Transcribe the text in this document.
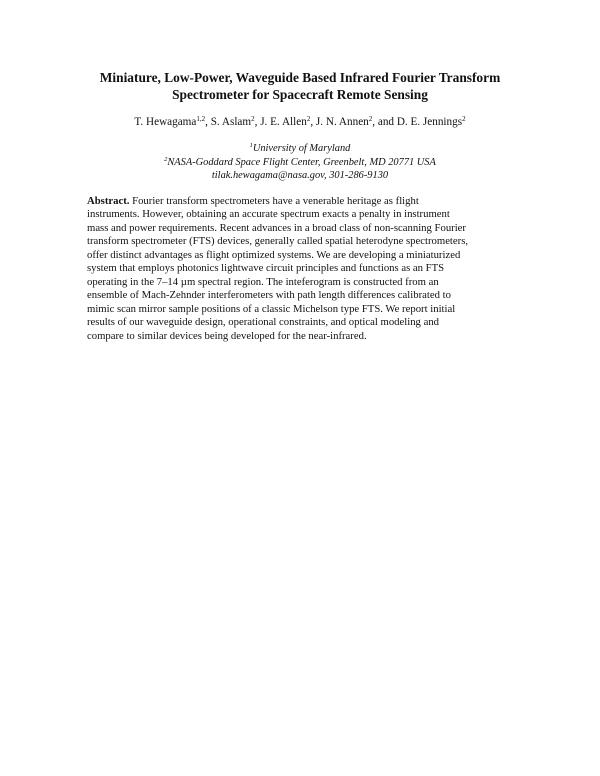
Miniature, Low-Power, Waveguide Based Infrared Fourier Transform
Spectrometer for Spacecraft Remote Sensing

T. Hewagama$^{1,2}$, S. Aslam$^2$, J. E. Allen$^2$, J. N. Annen$^2$, and D. E. Jennings$^2$

$^1$University of Maryland
$^2$NASA-Goddard Space Flight Center, Greenbelt, MD 20771 USA
tilak.hewagama@nasa.gov, 301-286-9130

Abstract. Fourier transform spectrometers have a venerable heritage as flight
instruments. However, obtaining an accurate spectrum exacts a penalty in instrument
mass and power requirements. Recent advances in a broad class of non-scanning Fourier
transform spectrometer (FTS) devices, generally called spatial heterodyne spectrometers,
offer distinct advantages as flight optimized systems. We are developing a miniaturized
system that employs photonics lightwave circuit principles and functions as an FTS
operating in the 7–14 µm spectral region. The inteferogram is constructed from an
ensemble of Mach-Zehnder interferometers with path length differences calibrated to
mimic scan mirror sample positions of a classic Michelson type FTS. We report initial
results of our waveguide design, operational constraints, and optical modeling and
compare to similar devices being developed for the near-infrared.
